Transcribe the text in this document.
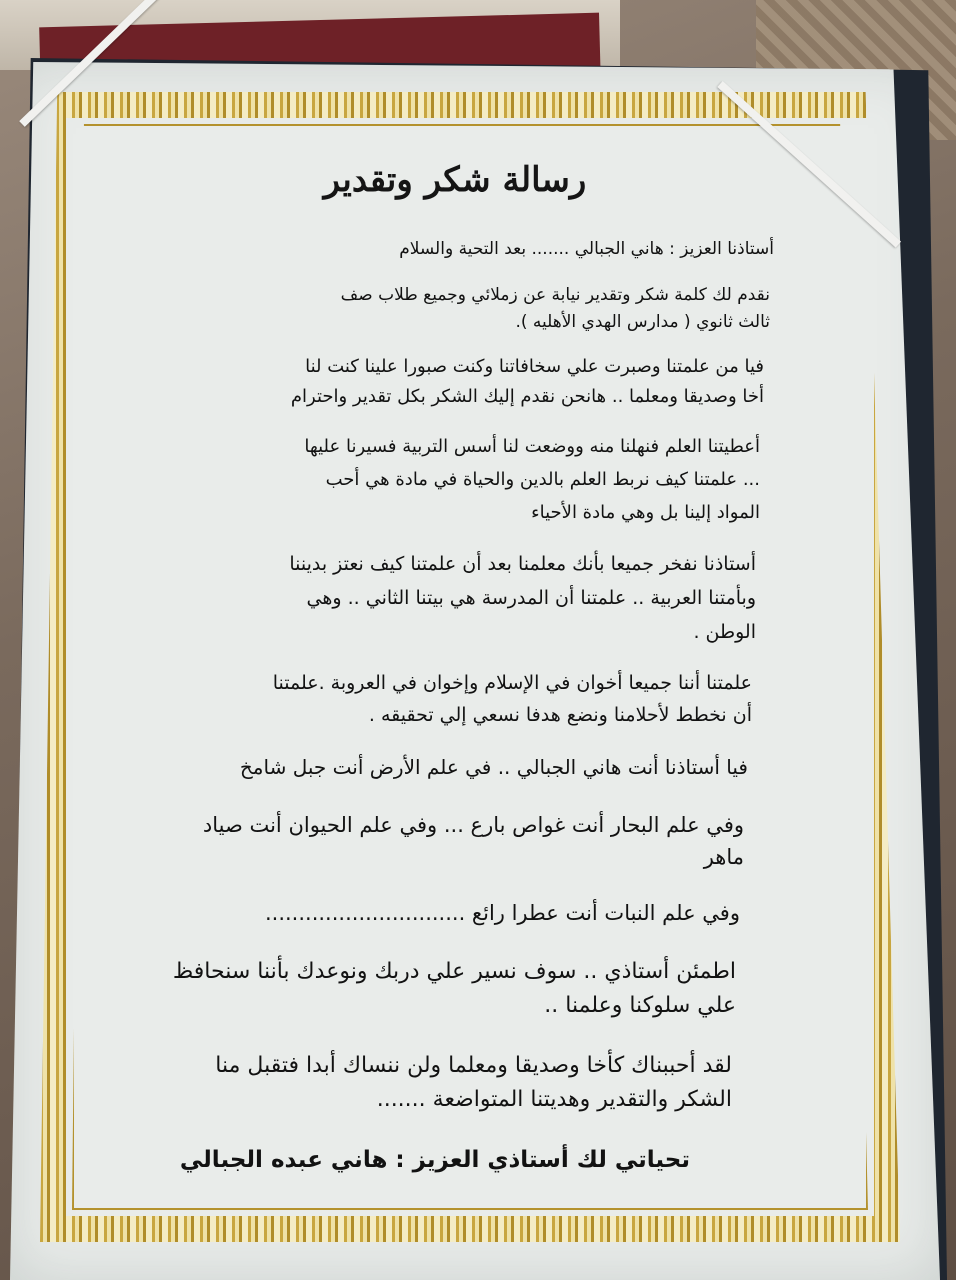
رسالة شكر وتقدير

أستاذنا العزيز : هاني الجبالي ....... بعد التحية والسلام

نقدم لك كلمة شكر وتقدير نيابة عن زملائي وجميع طلاب صف
ثالث ثانوي ( مدارس الهدي الأهليه ).

فيا من علمتنا وصبرت علي سخافاتنا وكنت صبورا علينا كنت لنا
أخا وصديقا ومعلما .. هانحن نقدم إليك الشكر بكل تقدير واحترام

أعطيتنا العلم فنهلنا منه ووضعت لنا أسس التربية فسيرنا عليها
... علمتنا كيف نربط العلم بالدين والحياة في مادة هي أحب
المواد إلينا بل وهي مادة الأحياء

أستاذنا نفخر جميعا بأنك معلمنا بعد أن علمتنا كيف نعتز بديننا
وبأمتنا العربية .. علمتنا أن المدرسة هي بيتنا الثاني .. وهي
الوطن .

علمتنا أننا جميعا أخوان في الإسلام وإخوان في العروبة .علمتنا
أن نخطط لأحلامنا ونضع هدفا نسعي إلي تحقيقه .

فيا أستاذنا أنت هاني الجبالي .. في علم الأرض أنت جبل شامخ

وفي علم البحار أنت غواص بارع ... وفي علم الحيوان أنت صياد
ماهر

وفي علم النبات أنت عطرا رائع ..............................

اطمئن أستاذي .. سوف نسير علي دربك ونوعدك بأننا سنحافظ
علي سلوكنا وعلمنا ..

لقد أحببناك كأخا وصديقا ومعلما ولن ننساك أبدا فتقبل منا
الشكر والتقدير وهديتنا المتواضعة .......

تحياتي لك أستاذي العزيز : هاني عبده الجبالي
